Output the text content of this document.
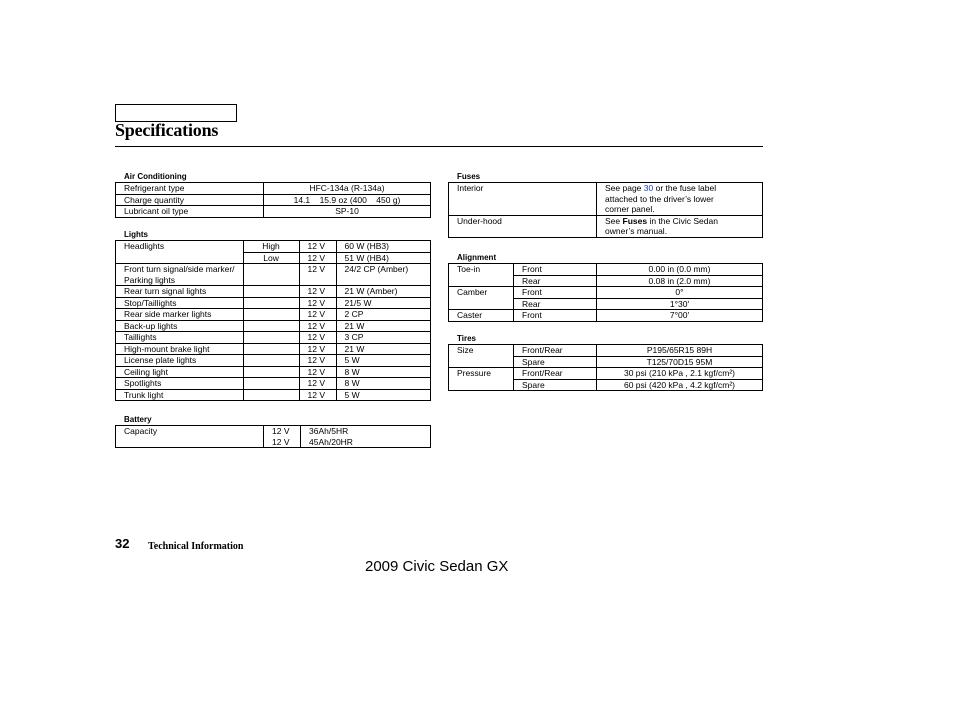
Specifications
Air Conditioning
Refrigerant type	HFC-134a (R-134a)
Charge quantity	14.1    15.9 oz (400    450 g)
Lubricant oil type	SP-10
Lights
Headlights	High	12 V	60 W (HB3)
	Low	12 V	51 W (HB4)
Front turn signal/side marker/		12 V	24/2 CP (Amber)
Parking lights			
Rear turn signal lights		12 V	21 W (Amber)
Stop/Taillights		12 V	21/5 W
Rear side marker lights		12 V	2 CP
Back-up lights		12 V	21 W
Taillights		12 V	3 CP
High-mount brake light		12 V	21 W
License plate lights		12 V	5 W
Ceiling light		12 V	8 W
Spotlights		12 V	8 W
Trunk light		12 V	5 W
Battery
Capacity	12 V	36Ah/5HR
	12 V	45Ah/20HR
Fuses
Interior	See page 30 or the fuse label
attached to the driver’s lower
corner panel.

Under-hood	See Fuses in the Civic Sedan
owner’s manual.
Alignment
Toe-in	Front	0.00 in (0.0 mm)
	Rear	0.08 in (2.0 mm)
Camber	Front	0°
	Rear	1°30′
Caster	Front	7°00′
Tires
Size	Front/Rear	P195/65R15 89H
	Spare	T125/70D15 95M
Pressure	Front/Rear	30 psi (210 kPa , 2.1 kgf/cm²)
	Spare	60 psi (420 kPa , 4.2 kgf/cm²)
32 Technical Information
2009 Civic Sedan GX
